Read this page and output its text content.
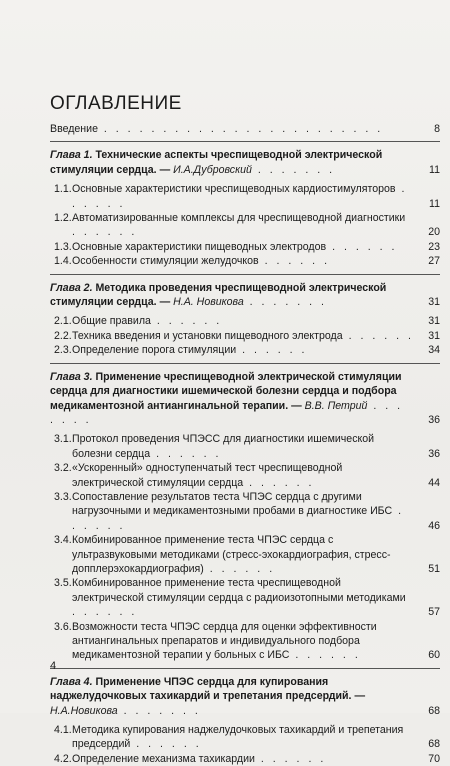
ОГЛАВЛЕНИЕ
Введение . . . . . . . . . . . . . . . . . . . . . . . .	8
Глава 1. Технические аспекты чреспищеводной электрической стимуляции сердца. — И.А.Дубровский . . . . . . .	11
1.1. Основные характеристики чреспищеводных кардиостимуляторов . . . . . .	11
1.2. Автоматизированные комплексы для чреспищеводной диагностики . . . . . .	20
1.3. Основные характеристики пищеводных электродов . . . . . .	23
1.4. Особенности стимуляции желудочков . . . . . .	27
Глава 2. Методика проведения чреспищеводной электрической стимуляции сердца. — Н.А. Новикова . . . . . . .	31
2.1. Общие правила . . . . . .	31
2.2. Техника введения и установки пищеводного электрода . . . . . . 31
2.3. Определение порога стимуляции . . . . . .	34
Глава 3. Применение чреспищеводной электрической стимуляции сердца для диагностики ишемической болезни сердца и подбора медикаментозной антиангинальной терапии. — В.В. Петрий . . . . . . .	36
3.1. Протокол проведения ЧПЭСС для диагностики ишемической болезни сердца . . . . . .	36
3.2. «Ускоренный» одноступенчатый тест чреспищеводной электрической стимуляции сердца . . . . . .	44
3.3. Сопоставление результатов теста ЧПЭС сердца с другими нагрузочными и медикаментозными пробами в диагностике ИБС . . . . . .	46
3.4. Комбинированное применение теста ЧПЭС сердца с ультразвуковыми методиками (стресс-эхокардиография, стресс-допплерэхокардиография) . . . . . .	51
3.5. Комбинированное применение теста чреспищеводной электрической стимуляции сердца с радиоизотопными методиками . . . . . .	57
3.6. Возможности теста ЧПЭС сердца для оценки эффективности антиангинальных препаратов и индивидуального подбора медикаментозной терапии у больных с ИБС . . . . . .	60
Глава 4. Применение ЧПЭС сердца для купирования наджелудочковых тахикардий и трепетания предсердий. — Н.А.Новикова . . . . . . .	68
4.1. Методика купирования наджелудочковых тахикардий и трепетания предсердий . . . . . .	68
4.2. Определение механизма тахикардии . . . . . .	70
4
